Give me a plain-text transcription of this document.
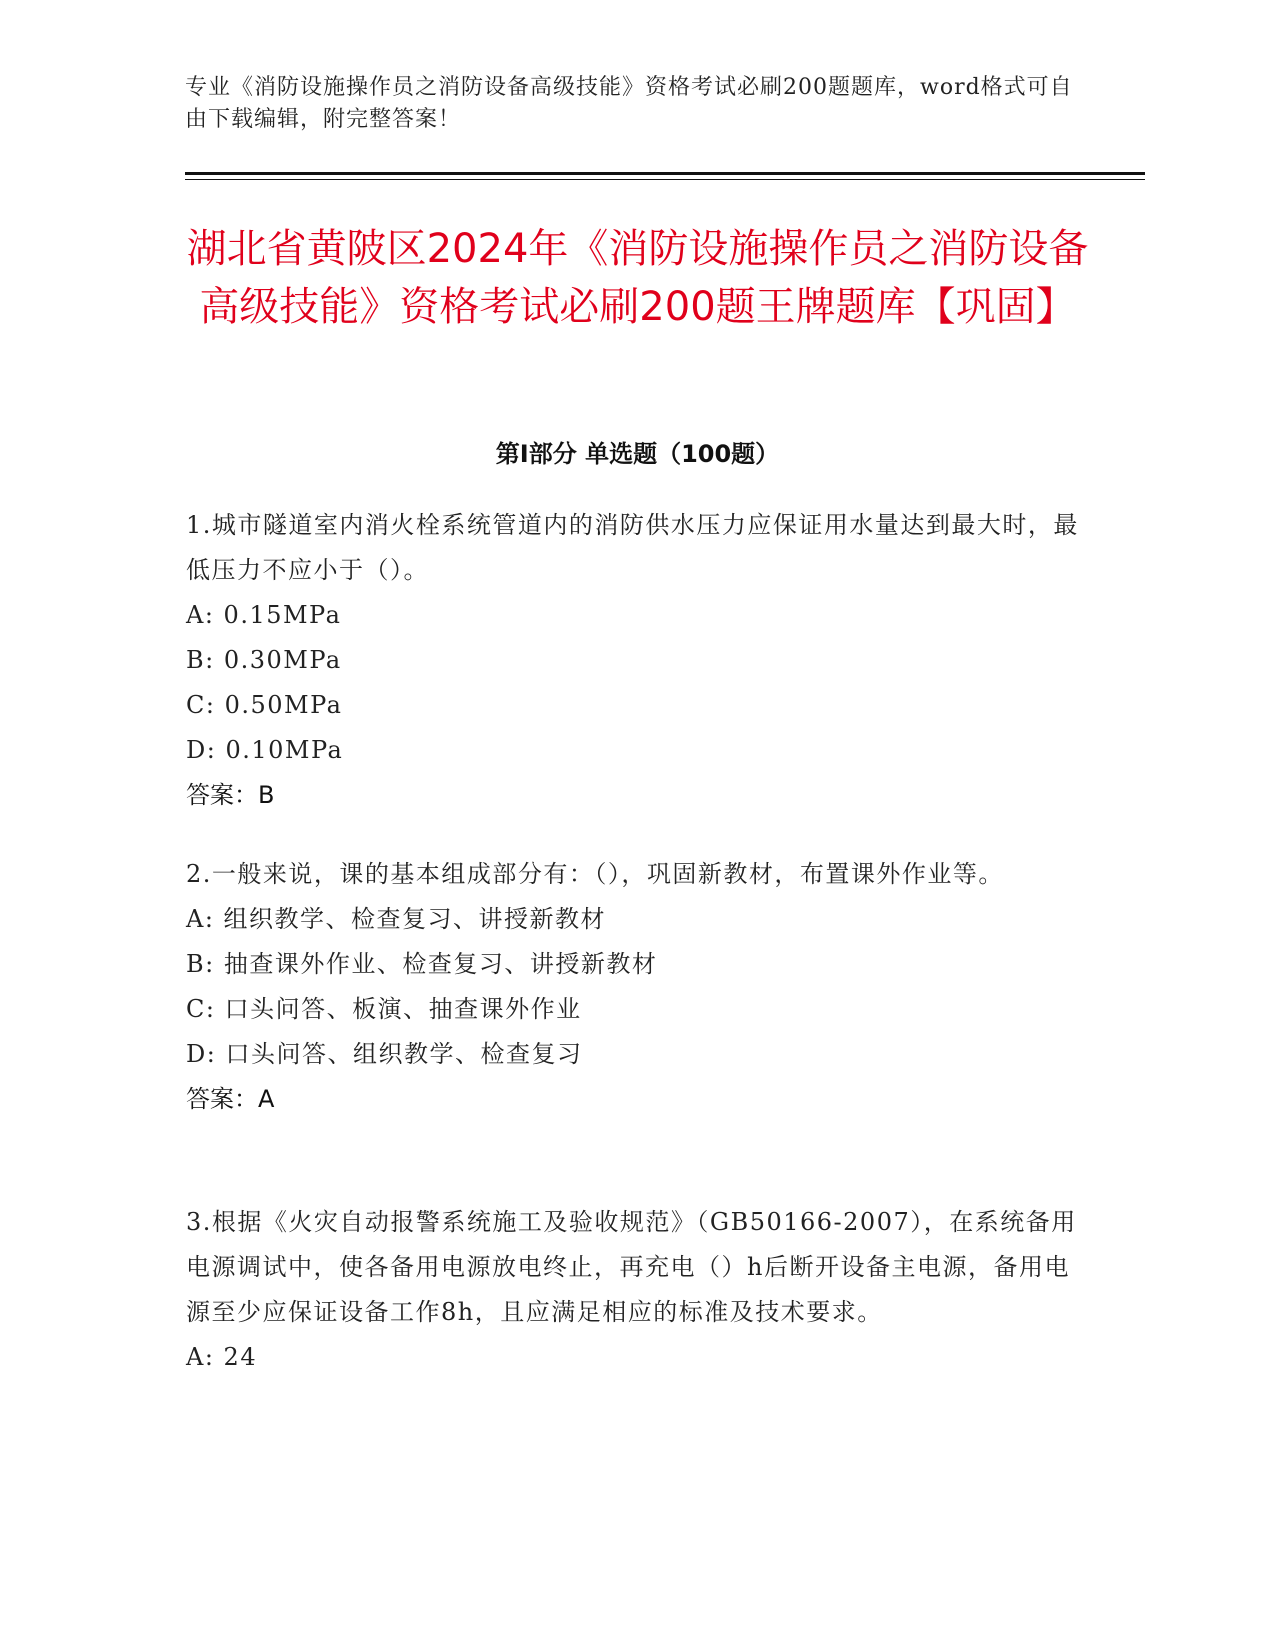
专业《消防设施操作员之消防设备高级技能》资格考试必刷200题题库，word格式可自由下载编辑，附完整答案！
湖北省黄陂区2024年《消防设施操作员之消防设备高级技能》资格考试必刷200题王牌题库【巩固】
第Ⅰ部分 单选题（100题）
1.城市隧道室内消火栓系统管道内的消防供水压力应保证用水量达到最大时，最低压力不应小于（）。
A: 0.15MPa
B: 0.30MPa
C: 0.50MPa
D: 0.10MPa
答案：B
2.一般来说，课的基本组成部分有：（），巩固新教材，布置课外作业等。
A: 组织教学、检查复习、讲授新教材
B: 抽查课外作业、检查复习、讲授新教材
C: 口头问答、板演、抽查课外作业
D: 口头问答、组织教学、检查复习
答案：A
3.根据《火灾自动报警系统施工及验收规范》（GB50166-2007），在系统备用电源调试中，使各备用电源放电终止，再充电（）h后断开设备主电源，备用电源至少应保证设备工作8h，且应满足相应的标准及技术要求。
A: 24
